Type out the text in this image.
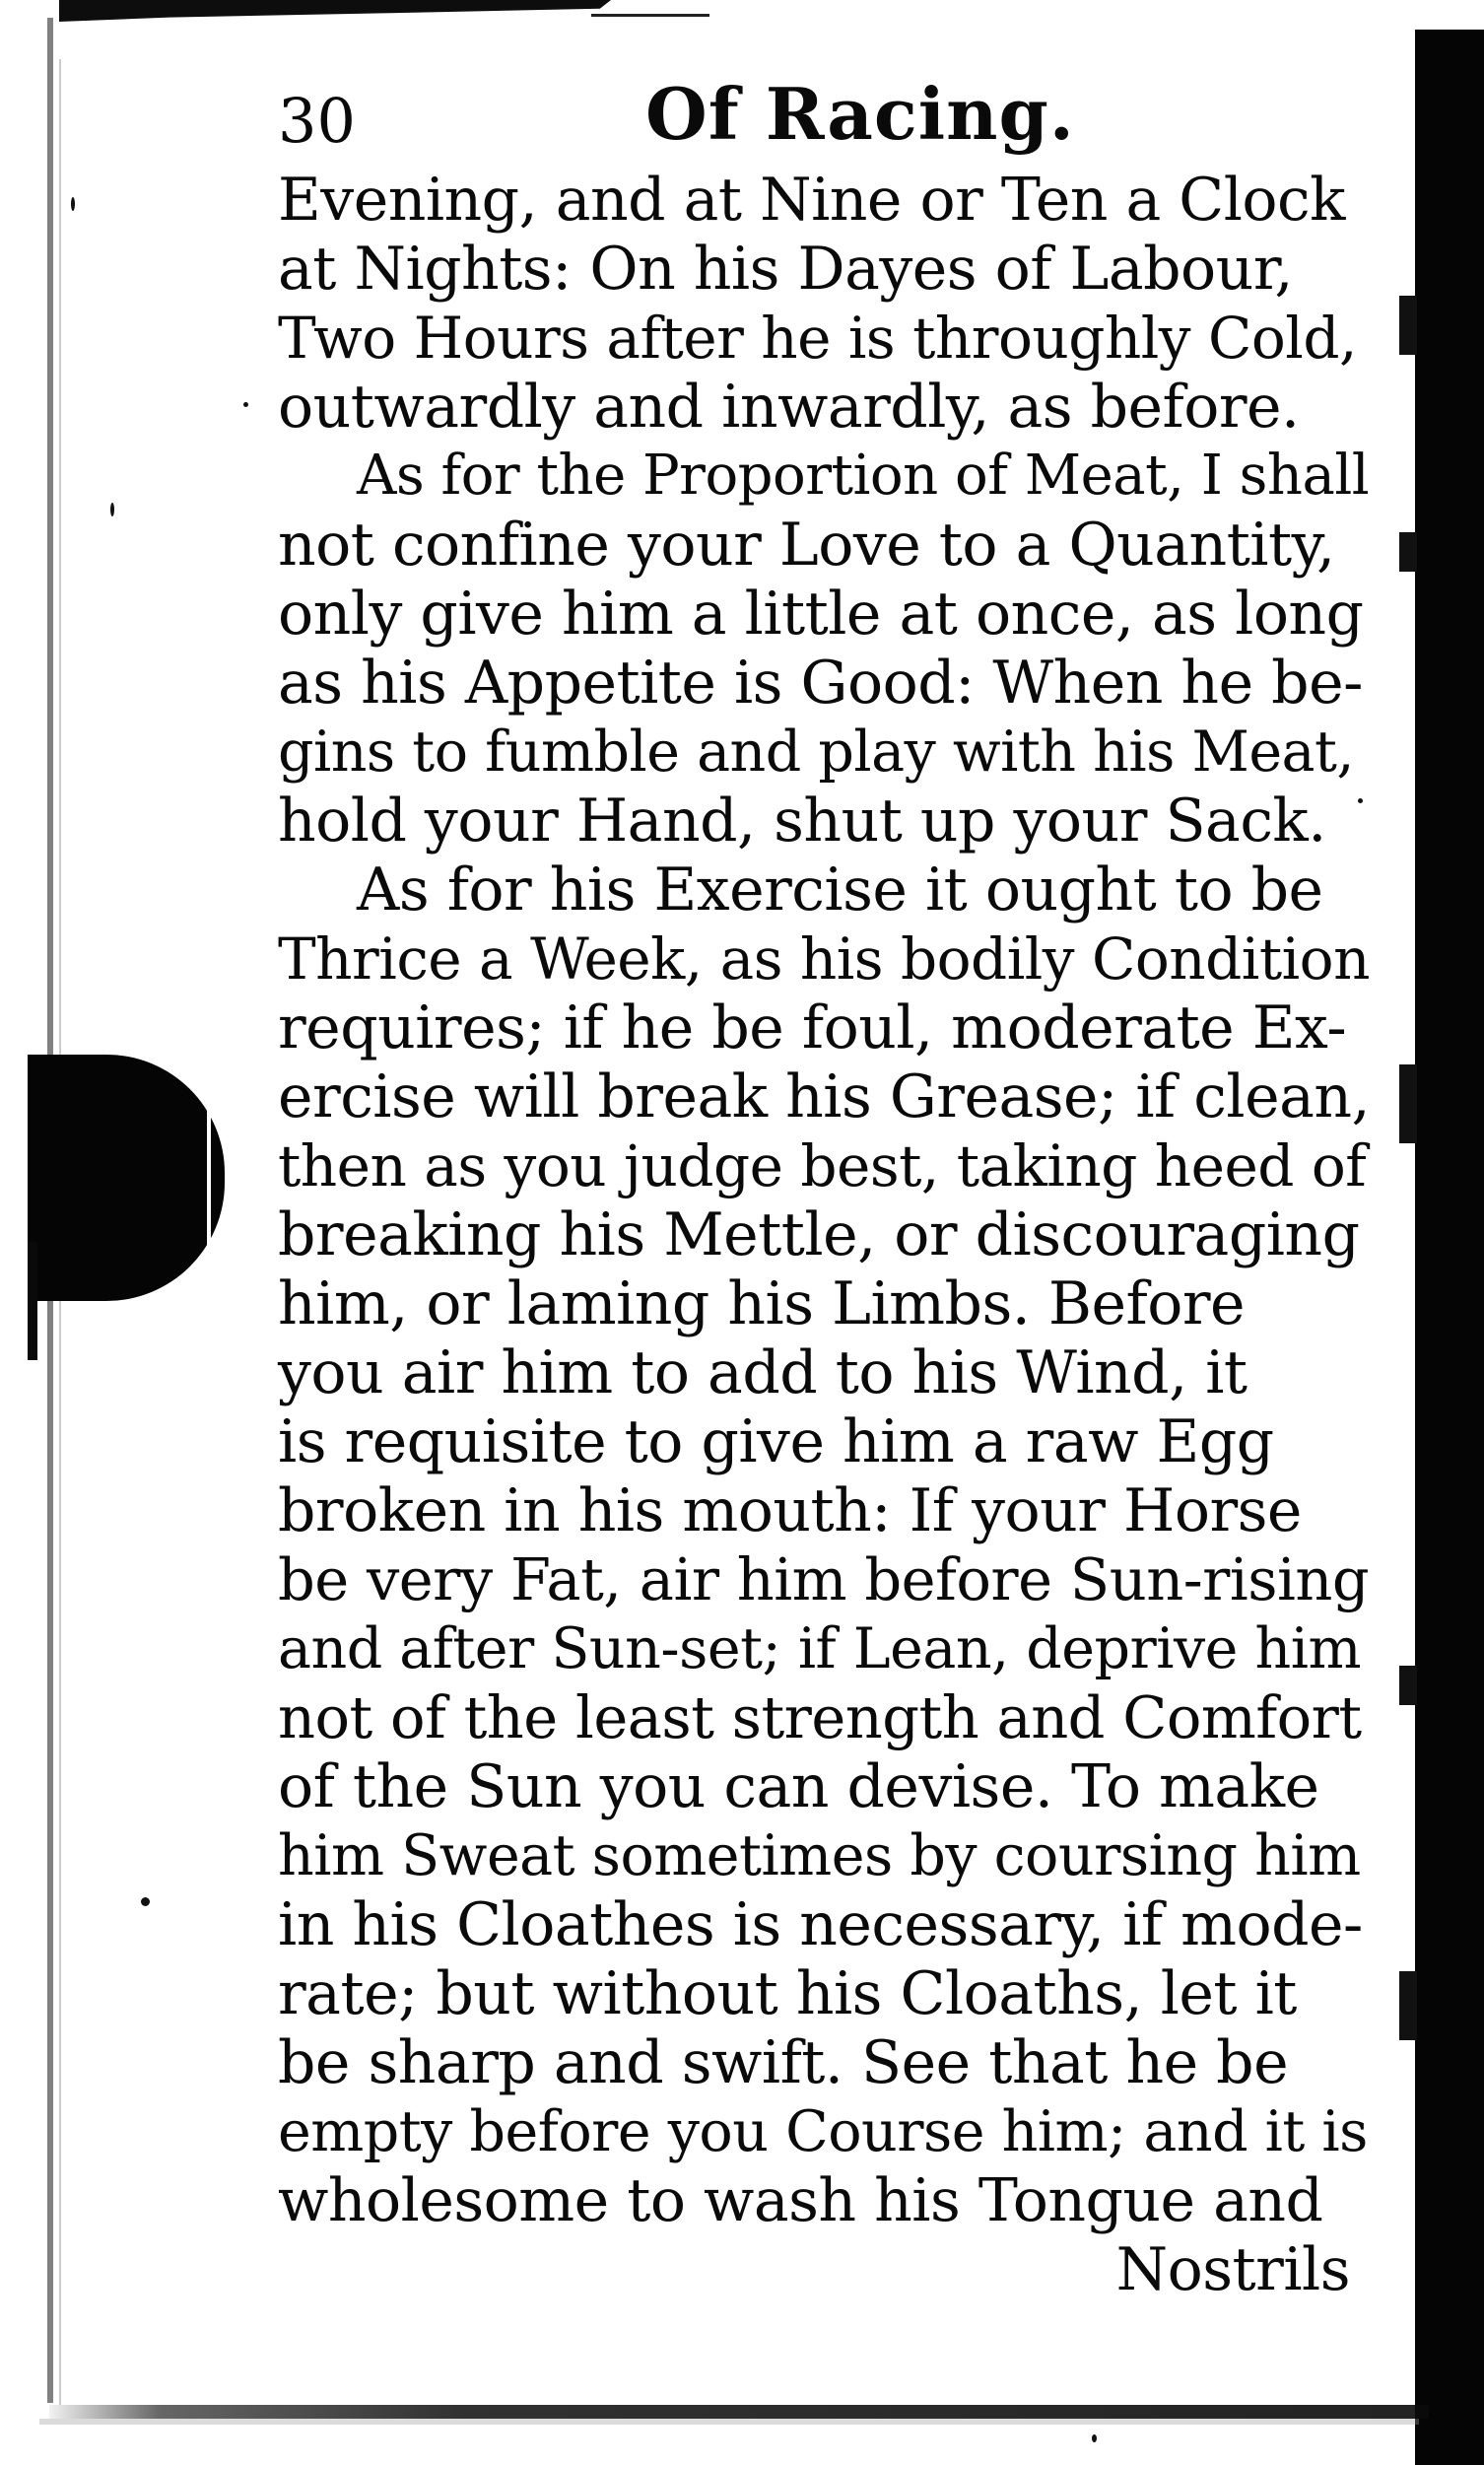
30	Of Racing.
Evening, and at Nine or Ten a Clock
at Nights: On his Dayes of Labour,
Two Hours after he is throughly Cold,
outwardly and inwardly, as before.
As for the Proportion of Meat, I shall
not confine your Love to a Quantity,
only give him a little at once, as long
as his Appetite is Good: When he be-
gins to fumble and play with his Meat,
hold your Hand, shut up your Sack.
As for his Exercise it ought to be
Thrice a Week, as his bodily Condition
requires; if he be foul, moderate Ex-
ercise will break his Grease; if clean,
then as you judge best, taking heed of
breaking his Mettle, or discouraging
him, or laming his Limbs. Before
you air him to add to his Wind, it
is requisite to give him a raw Egg
broken in his mouth: If your Horse
be very Fat, air him before Sun-rising
and after Sun-set; if Lean, deprive him
not of the least strength and Comfort
of the Sun you can devise. To make
him Sweat sometimes by coursing him
in his Cloathes is necessary, if mode-
rate; but without his Cloaths, let it
be sharp and swift. See that he be
empty before you Course him; and it is
wholesome to wash his Tongue and
Nostrils
